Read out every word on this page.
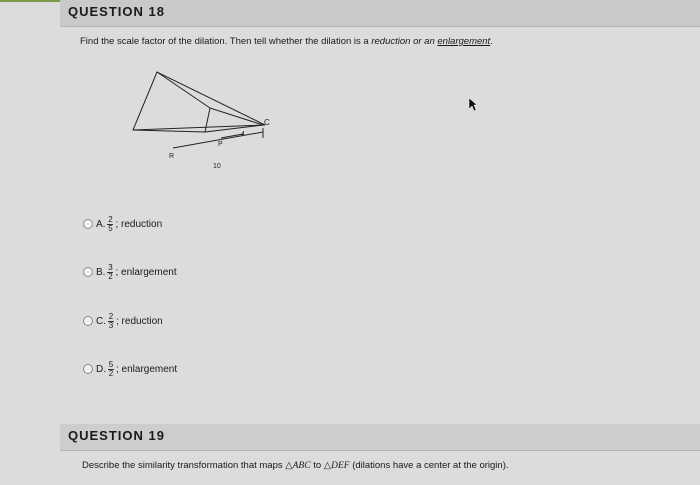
QUESTION 18
Find the scale factor of the dilation. Then tell whether the dilation is a reduction or an enlargement.
C
P
R
4
10
A. $\frac{2}{5}$ ; reduction
B. $\frac{3}{2}$ ; enlargement
C. $\frac{2}{3}$ ; reduction
D. $\frac{5}{2}$ ; enlargement
QUESTION 19
Describe the similarity transformation that maps △ABC to △DEF (dilations have a center at the origin).
